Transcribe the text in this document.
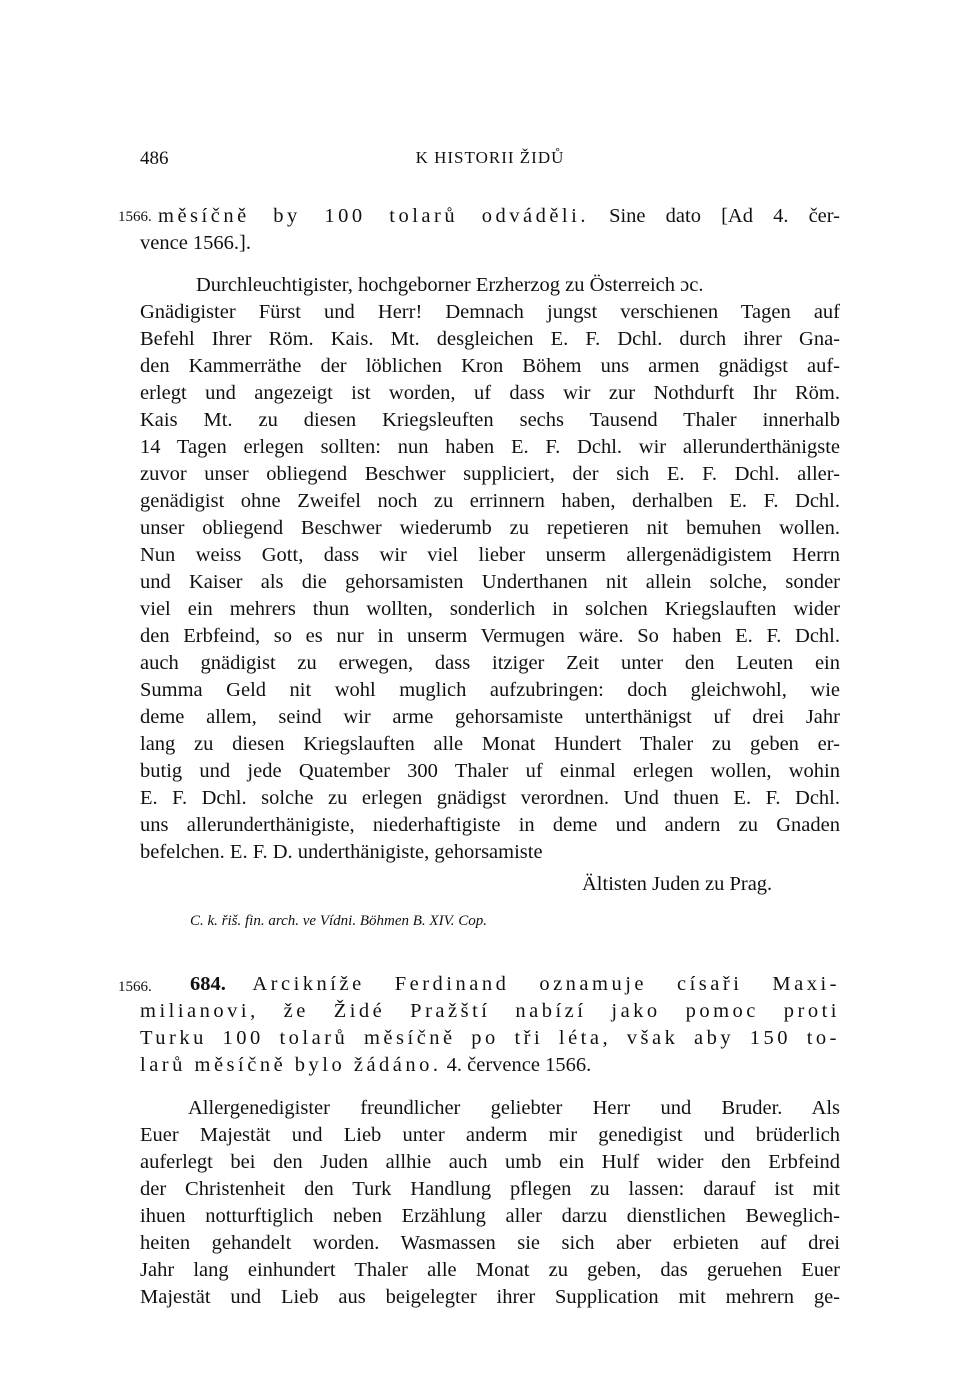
486	K HISTORII ŽIDŮ
1566. měsíčně by 100 tolarů odváděli. Sine dato [Ad 4. čer-
vence 1566.].
Durchleuchtigister, hochgeborner Erzherzog zu Österreich ɔc.
Gnädigister Fürst und Herr! Demnach jungst verschienen Tagen auf
Befehl Ihrer Röm. Kais. Mt. desgleichen E. F. Dchl. durch ihrer Gna-
den Kammerräthe der löblichen Kron Böhem uns armen gnädigst auf-
erlegt und angezeigt ist worden, uf dass wir zur Nothdurft Ihr Röm.
Kais Mt. zu diesen Kriegsleuften sechs Tausend Thaler innerhalb
14 Tagen erlegen sollten: nun haben E. F. Dchl. wir allerunderthänigste
zuvor unser obliegend Beschwer suppliciert, der sich E. F. Dchl. aller-
genädigist ohne Zweifel noch zu errinnern haben, derhalben E. F. Dchl.
unser obliegend Beschwer wiederumb zu repetieren nit bemuhen wollen.
Nun weiss Gott, dass wir viel lieber unserm allergenädigistem Herrn
und Kaiser als die gehorsamisten Underthanen nit allein solche, sonder
viel ein mehrers thun wollten, sonderlich in solchen Kriegslauften wider
den Erbfeind, so es nur in unserm Vermugen wäre. So haben E. F. Dchl.
auch gnädigist zu erwegen, dass itziger Zeit unter den Leuten ein
Summa Geld nit wohl muglich aufzubringen: doch gleichwohl, wie
deme allem, seind wir arme gehorsamiste unterthänigst uf drei Jahr
lang zu diesen Kriegslauften alle Monat Hundert Thaler zu geben er-
butig und jede Quatember 300 Thaler uf einmal erlegen wollen, wohin
E. F. Dchl. solche zu erlegen gnädigst verordnen. Und thuen E. F. Dchl.
uns allerunderthänigiste, niederhaftigiste in deme und andern zu Gnaden
befelchen. E. F. D. underthänigiste, gehorsamiste
Ältisten Juden zu Prag.
C. k. řiš. fin. arch. ve Vídni. Böhmen B. XIV. Cop.
1566. 684. Arcikníže Ferdinand oznamuje císaři Maxi-
milianovi, že Židé Pražští nabízí jako pomoc proti
Turku 100 tolarů měsíčně po tři léta, však aby 150 to-
larů měsíčně bylo žádáno. 4. července 1566.
Allergenedigister freundlicher geliebter Herr und Bruder. Als
Euer Majestät und Lieb unter anderm mir genedigist und brüderlich
auferlegt bei den Juden allhie auch umb ein Hulf wider den Erbfeind
der Christenheit den Turk Handlung pflegen zu lassen: darauf ist mit
ihuen notturftiglich neben Erzählung aller darzu dienstlichen Beweglich-
heiten gehandelt worden. Wasmassen sie sich aber erbieten auf drei
Jahr lang einhundert Thaler alle Monat zu geben, das geruehen Euer
Majestät und Lieb aus beigelegter ihrer Supplication mit mehrern ge-
